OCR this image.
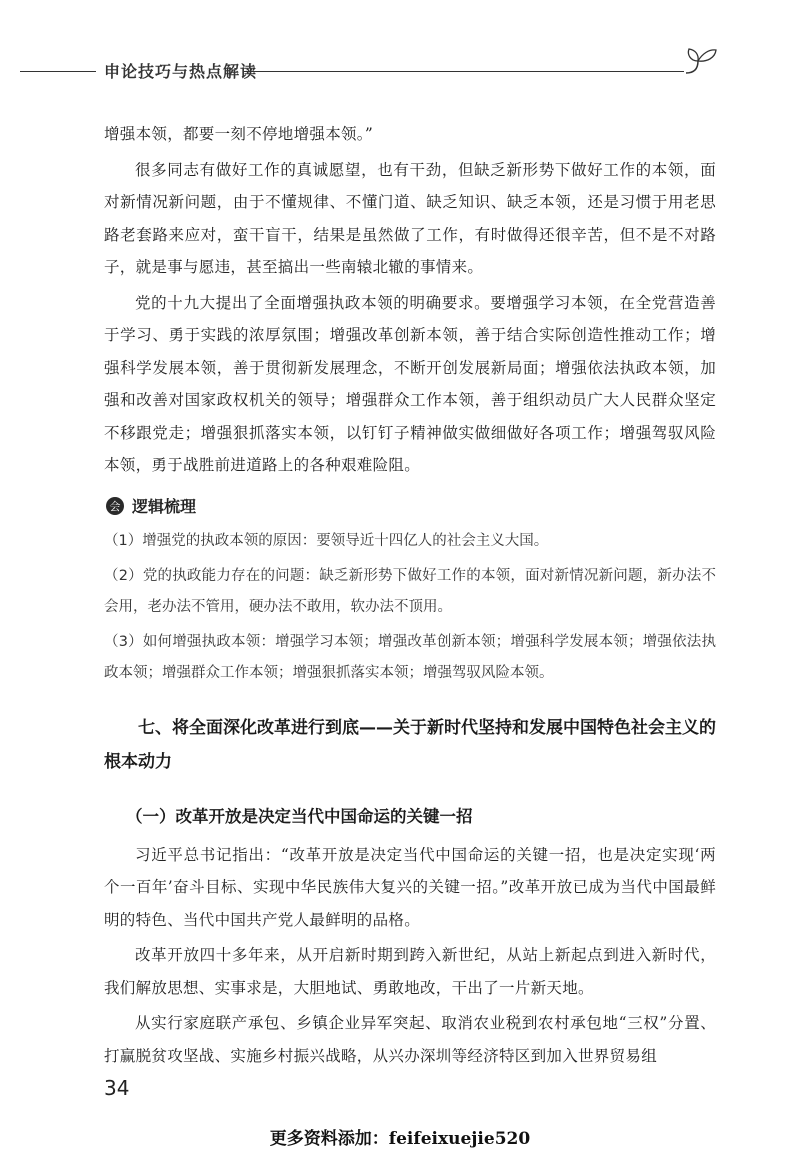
申论技巧与热点解读

增强本领，都要一刻不停地增强本领。”

很多同志有做好工作的真诚愿望，也有干劲，但缺乏新形势下做好工作的本领，面对新情况新问题，由于不懂规律、不懂门道、缺乏知识、缺乏本领，还是习惯于用老思路老套路来应对，蛮干盲干，结果是虽然做了工作，有时做得还很辛苦，但不是不对路子，就是事与愿违，甚至搞出一些南辕北辙的事情来。

党的十九大提出了全面增强执政本领的明确要求。要增强学习本领，在全党营造善于学习、勇于实践的浓厚氛围；增强改革创新本领，善于结合实际创造性推动工作；增强科学发展本领，善于贯彻新发展理念，不断开创发展新局面；增强依法执政本领，加强和改善对国家政权机关的领导；增强群众工作本领，善于组织动员广大人民群众坚定不移跟党走；增强狠抓落实本领，以钉钉子精神做实做细做好各项工作；增强驾驭风险本领，勇于战胜前进道路上的各种艰难险阻。

会 逻辑梳理

（1）增强党的执政本领的原因：要领导近十四亿人的社会主义大国。

（2）党的执政能力存在的问题：缺乏新形势下做好工作的本领，面对新情况新问题，新办法不会用，老办法不管用，硬办法不敢用，软办法不顶用。

（3）如何增强执政本领：增强学习本领；增强改革创新本领；增强科学发展本领；增强依法执政本领；增强群众工作本领；增强狠抓落实本领；增强驾驭风险本领。

七、将全面深化改革进行到底——关于新时代坚持和发展中国特色社会主义的根本动力

（一）改革开放是决定当代中国命运的关键一招

习近平总书记指出：“改革开放是决定当代中国命运的关键一招，也是决定实现‘两个一百年’奋斗目标、实现中华民族伟大复兴的关键一招。”改革开放已成为当代中国最鲜明的特色、当代中国共产党人最鲜明的品格。

改革开放四十多年来，从开启新时期到跨入新世纪，从站上新起点到进入新时代，我们解放思想、实事求是，大胆地试、勇敢地改，干出了一片新天地。

从实行家庭联产承包、乡镇企业异军突起、取消农业税到农村承包地“三权”分置、打赢脱贫攻坚战、实施乡村振兴战略，从兴办深圳等经济特区到加入世界贸易组

34
更多资料添加：feifeixuejie520
